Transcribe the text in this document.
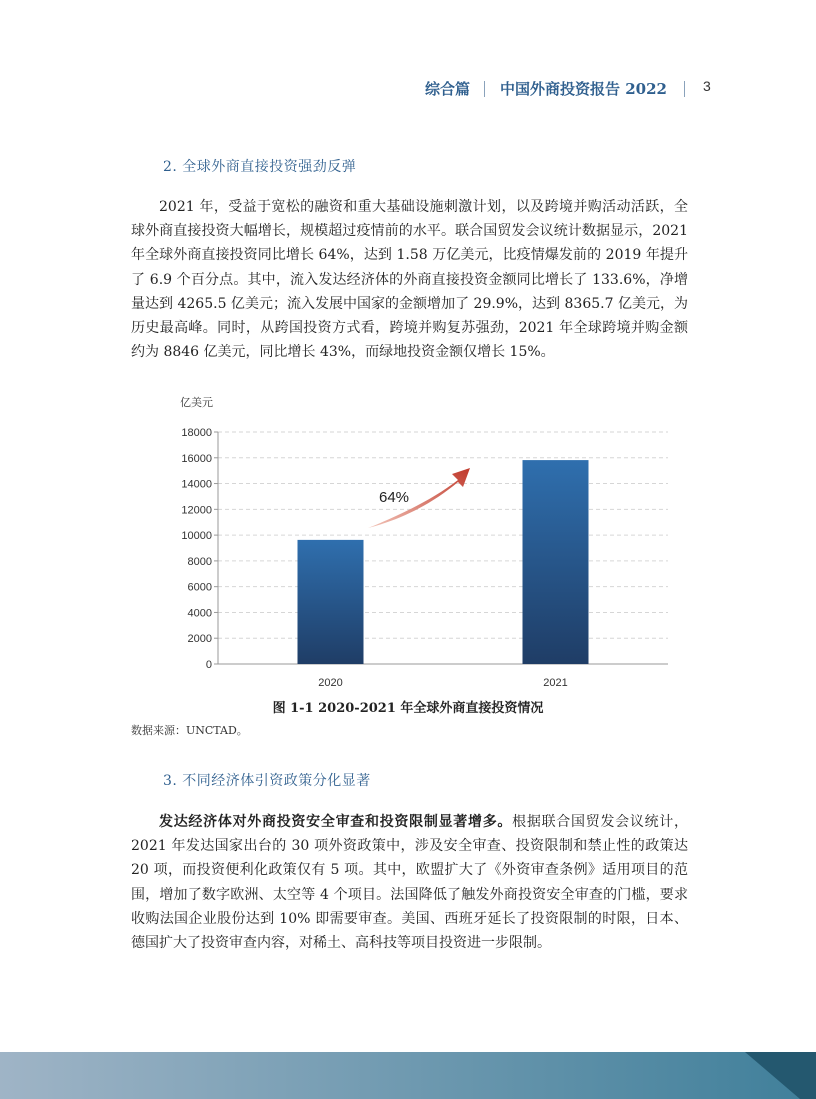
综合篇 中国外商投资报告 2022	3
2. 全球外商直接投资强劲反弹

2021 年，受益于宽松的融资和重大基础设施刺激计划，以及跨境并购活动活跃，全球外商直接投资大幅增长，规模超过疫情前的水平。联合国贸发会议统计数据显示，2021 年全球外商直接投资同比增长 64%，达到 1.58 万亿美元，比疫情爆发前的 2019 年提升了 6.9 个百分点。其中，流入发达经济体的外商直接投资金额同比增长了 133.6%，净增量达到 4265.5 亿美元；流入发展中国家的金额增加了 29.9%，达到 8365.7 亿美元，为历史最高峰。同时，从跨国投资方式看，跨境并购复苏强劲，2021 年全球跨境并购金额约为 8846 亿美元，同比增长 43%，而绿地投资金额仅增长 15%。

亿美元
0
2000
4000
6000
8000
10000
12000
14000
16000
18000
2020	2021
64%
图 1-1 2020-2021 年全球外商直接投资情况
数据来源：UNCTAD。
3. 不同经济体引资政策分化显著

发达经济体对外商投资安全审查和投资限制显著增多。根据联合国贸发会议统计，2021 年发达国家出台的 30 项外资政策中，涉及安全审查、投资限制和禁止性的政策达 20 项，而投资便利化政策仅有 5 项。其中，欧盟扩大了《外资审查条例》适用项目的范围，增加了数字欧洲、太空等 4 个项目。法国降低了触发外商投资安全审查的门槛，要求收购法国企业股份达到 10% 即需要审查。美国、西班牙延长了投资限制的时限，日本、德国扩大了投资审查内容，对稀土、高科技等项目投资进一步限制。
